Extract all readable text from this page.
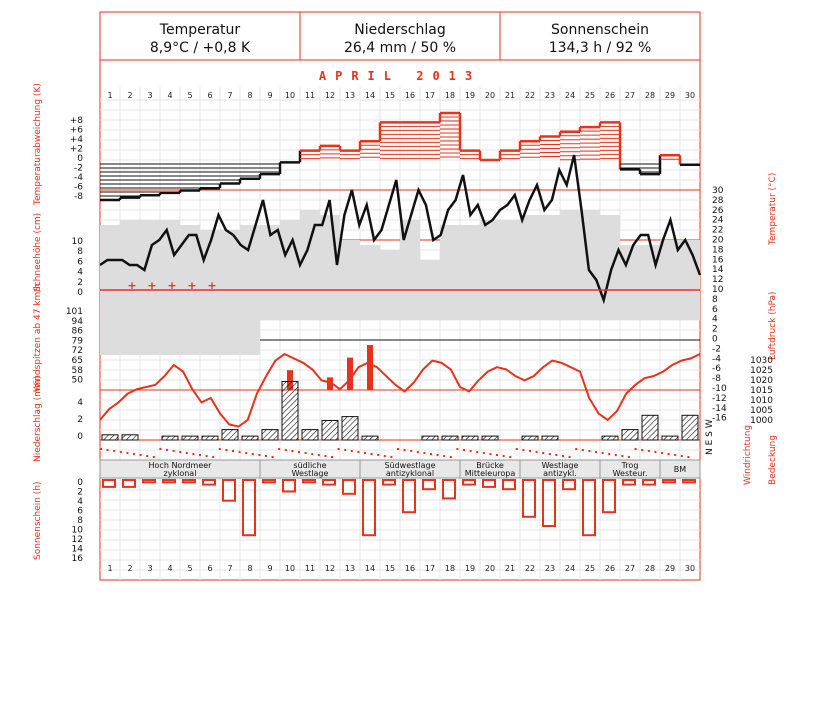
Temperatur
8,9°C / +0,8 K
Niederschlag
26,4 mm / 50 %
Sonnenschein
134,3 h / 92 %
APRIL 2013
1 2 3 4 5 6 7 8 9 10 11 12 13 14 15 16 17 18 19 20 21 22 23 24 25 26 27 28 29 30
1 2 3 4 5 6 7 8 9 10 11 12 13 14 15 16 17 18 19 20 21 22 23 24 25 26 27 28 29 30
+ + + + +
Hoch Nordmeer
zyklonal
südliche
Westlage
Südwestlage
antizyklonal
Brücke
Mitteleuropa
Westlage
antizykl.
Trog
Westeur.	BM
Temperaturabweichung (K)
Schneehöhe (cm)
Windspitzen ab 47 km/h
Niederschlag (mm)
Sonnenschein (h)
Temperatur (°C)
Luftdruck (hPa)
Windrichtung Bedeckung
N E S W
+8
+6
+4
+2
0
-2
-4
-6
-8
30
28
26
24
22
20
18
16
14
12
10
8
6
4
2
0
-2
-4
-6
-8
-10
-12
-14
-16
10
8
6
4
2
0
101
94
86
79
72
65
58
50
1030
1025
1020
1015
1010
1005
1000
4
2
0
0
2
4
6
8
10
12
14
16
